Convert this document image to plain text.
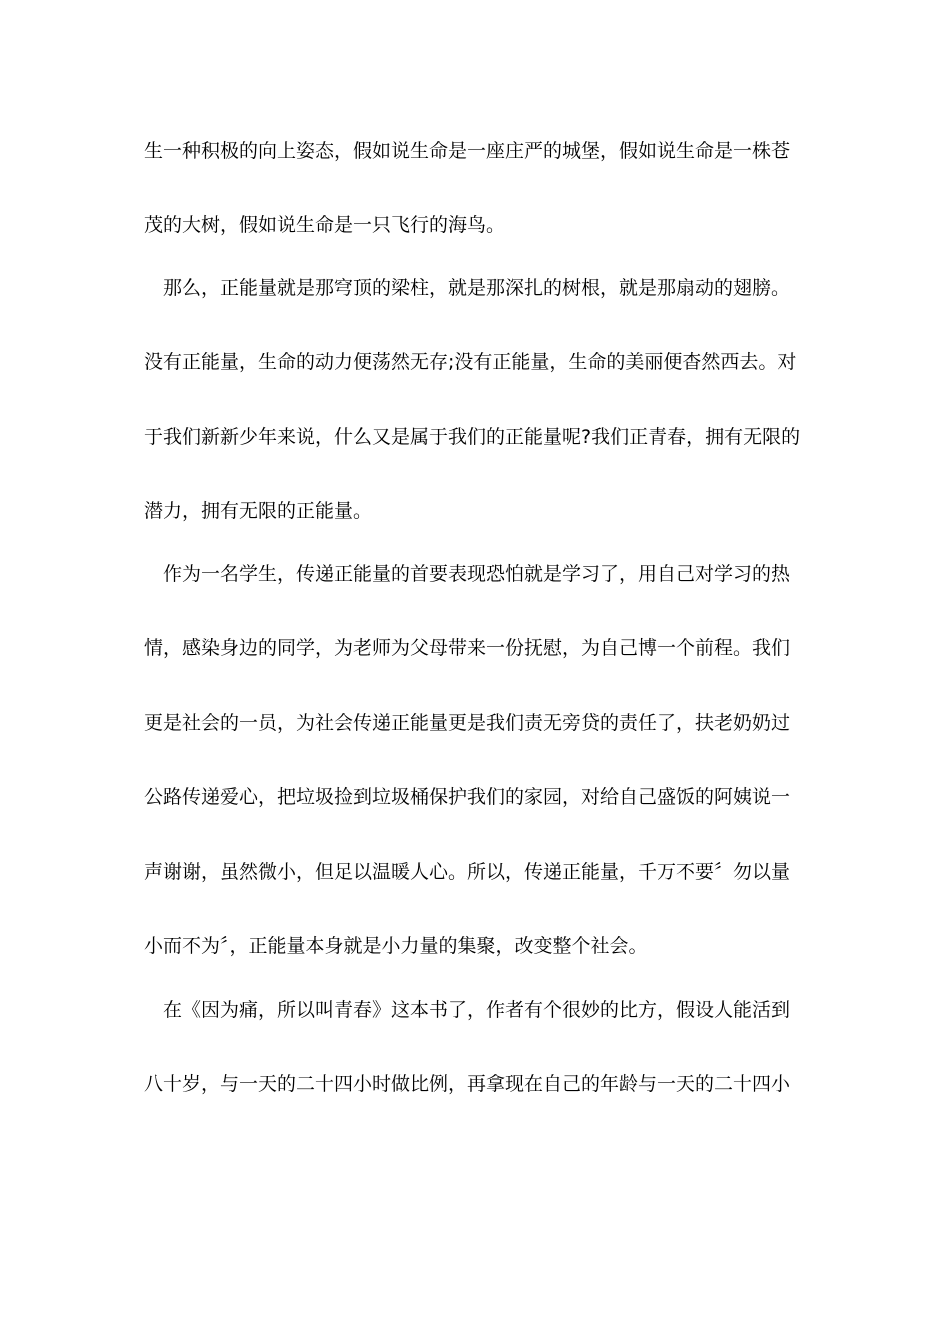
生一种积极的向上姿态，假如说生命是一座庄严的城堡，假如说生命是一株苍
茂的大树，假如说生命是一只飞行的海鸟。
那么，正能量就是那穹顶的梁柱，就是那深扎的树根，就是那扇动的翅膀。
没有正能量，生命的动力便荡然无存;没有正能量，生命的美丽便杳然西去。对
于我们新新少年来说，什么又是属于我们的正能量呢?我们正青春，拥有无限的
潜力，拥有无限的正能量。
作为一名学生，传递正能量的首要表现恐怕就是学习了，用自己对学习的热
情，感染身边的同学，为老师为父母带来一份抚慰，为自己博一个前程。我们
更是社会的一员，为社会传递正能量更是我们责无旁贷的责任了，扶老奶奶过
公路传递爱心，把垃圾捡到垃圾桶保护我们的家园，对给自己盛饭的阿姨说一
声谢谢，虽然微小，但足以温暖人心。所以，传递正能量，千万不要〞勿以量
小而不为〞，正能量本身就是小力量的集聚，改变整个社会。
在《因为痛，所以叫青春》这本书了，作者有个很妙的比方，假设人能活到
八十岁，与一天的二十四小时做比例，再拿现在自己的年龄与一天的二十四小
